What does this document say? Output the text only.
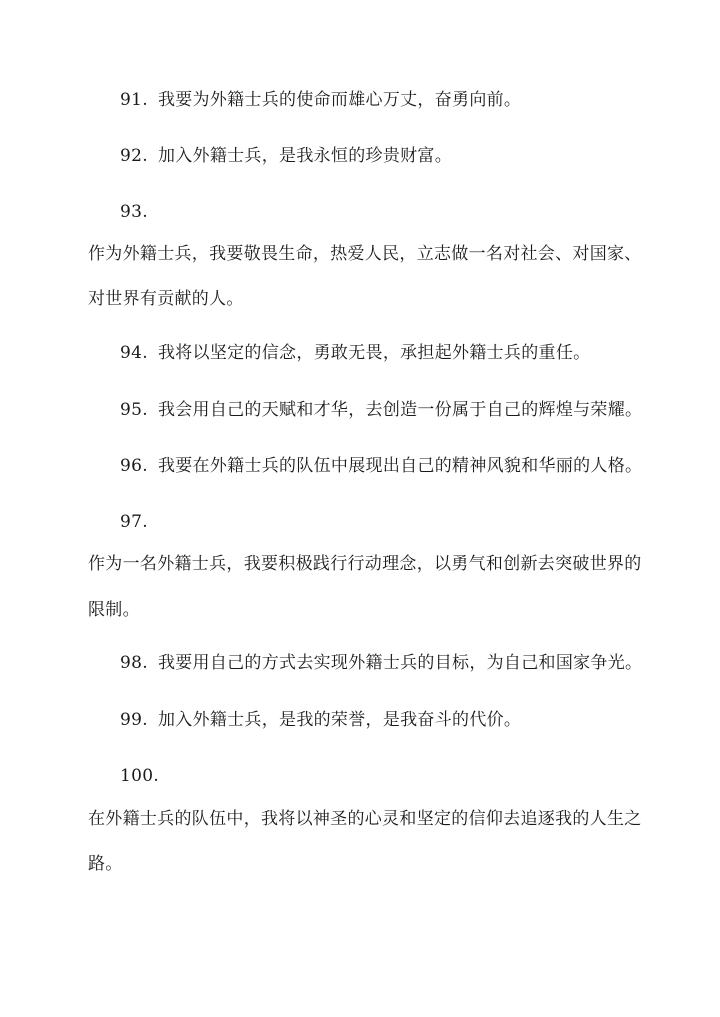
91. 我要为外籍士兵的使命而雄心万丈，奋勇向前。
92. 加入外籍士兵，是我永恒的珍贵财富。
93.
作为外籍士兵，我要敬畏生命，热爱人民，立志做一名对社会、对国家、
对世界有贡献的人。
94. 我将以坚定的信念，勇敢无畏，承担起外籍士兵的重任。
95. 我会用自己的天赋和才华，去创造一份属于自己的辉煌与荣耀。
96. 我要在外籍士兵的队伍中展现出自己的精神风貌和华丽的人格。
97.
作为一名外籍士兵，我要积极践行行动理念，以勇气和创新去突破世界的
限制。
98. 我要用自己的方式去实现外籍士兵的目标，为自己和国家争光。
99. 加入外籍士兵，是我的荣誉，是我奋斗的代价。
100.
在外籍士兵的队伍中，我将以神圣的心灵和坚定的信仰去追逐我的人生之
路。
